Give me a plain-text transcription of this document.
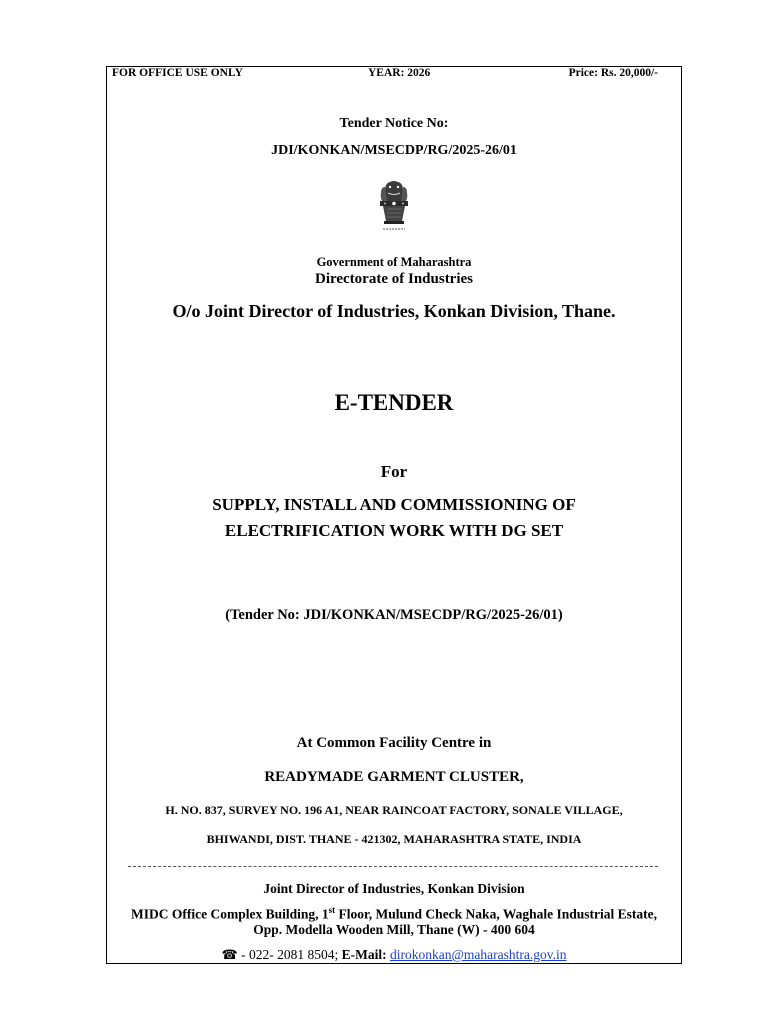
FOR OFFICE USE ONLY	YEAR: 2026	Price: Rs. 20,000/-
Tender Notice No:
JDI/KONKAN/MSECDP/RG/2025-26/01
Government of Maharashtra
Directorate of Industries
O/o Joint Director of Industries, Konkan Division, Thane.
E-TENDER
For
SUPPLY, INSTALL AND COMMISSIONING OF
ELECTRIFICATION WORK WITH DG SET
(Tender No: JDI/KONKAN/MSECDP/RG/2025-26/01)
At Common Facility Centre in
READYMADE GARMENT CLUSTER,
H. NO. 837, SURVEY NO. 196 A1, NEAR RAINCOAT FACTORY, SONALE VILLAGE,
BHIWANDI, DIST. THANE - 421302, MAHARASHTRA STATE, INDIA
Joint Director of Industries, Konkan Division
MIDC Office Complex Building, 1st Floor, Mulund Check Naka, Waghale Industrial Estate,
Opp. Modella Wooden Mill, Thane (W) - 400 604
☎ - 022- 2081 8504; E-Mail: dirokonkan@maharashtra.gov.in
